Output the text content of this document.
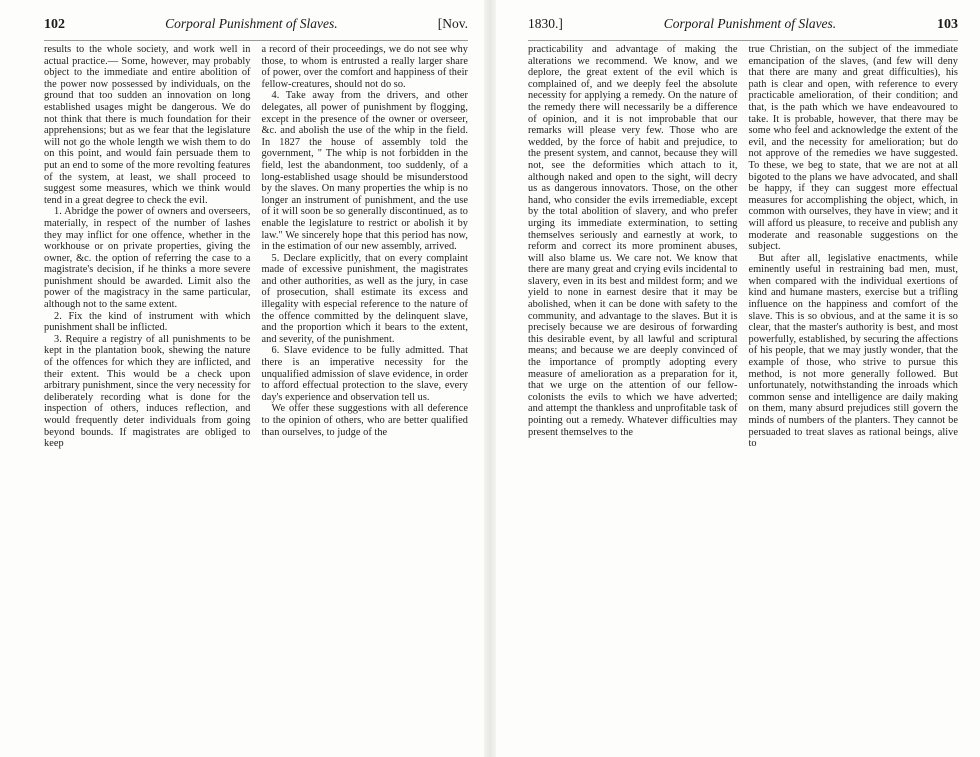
102	Corporal Punishment of Slaves.	[Nov.

results to the whole society, and work well in actual practice.— Some, however, may probably object to the immediate and entire abolition of the power now possessed by individuals, on the ground that too sudden an innovation on long established usages might be dangerous. We do not think that there is much foundation for their apprehensions; but as we fear that the legislature will not go the whole length we wish them to do on this point, and would fain persuade them to put an end to some of the more revolting features of the system, at least, we shall proceed to suggest some measures, which we think would tend in a great degree to check the evil.

1. Abridge the power of owners and overseers, materially, in respect of the number of lashes they may inflict for one offence, whether in the workhouse or on private properties, giving the owner, &c. the option of referring the case to a magistrate's decision, if he thinks a more severe punishment should be awarded. Limit also the power of the magistracy in the same particular, although not to the same extent.

2. Fix the kind of instrument with which punishment shall be inflicted.

3. Require a registry of all punishments to be kept in the plantation book, shewing the nature of the offences for which they are inflicted, and their extent. This would be a check upon arbitrary punishment, since the very necessity for deliberately recording what is done for the inspection of others, induces reflection, and would frequently deter individuals from going beyond bounds. If magistrates are obliged to keep

a record of their proceedings, we do not see why those, to whom is entrusted a really larger share of power, over the comfort and happiness of their fellow-creatures, should not do so.

4. Take away from the drivers, and other delegates, all power of punishment by flogging, except in the presence of the owner or overseer, &c. and abolish the use of the whip in the field. In 1827 the house of assembly told the government, " The whip is not forbidden in the field, lest the abandonment, too suddenly, of a long-established usage should be misunderstood by the slaves. On many properties the whip is no longer an instrument of punishment, and the use of it will soon be so generally discontinued, as to enable the legislature to restrict or abolish it by law." We sincerely hope that this period has now, in the estimation of our new assembly, arrived.

5. Declare explicitly, that on every complaint made of excessive punishment, the magistrates and other authorities, as well as the jury, in case of prosecution, shall estimate its excess and illegality with especial reference to the nature of the offence committed by the delinquent slave, and the proportion which it bears to the extent, and severity, of the punishment.

6. Slave evidence to be fully admitted. That there is an imperative necessity for the unqualified admission of slave evidence, in order to afford effectual protection to the slave, every day's experience and observation tell us.

We offer these suggestions with all deference to the opinion of others, who are better qualified than ourselves, to judge of the

1830.]	Corporal Punishment of Slaves.	103

practicability and advantage of making the alterations we recommend. We know, and we deplore, the great extent of the evil which is complained of, and we deeply feel the absolute necessity for applying a remedy. On the nature of the remedy there will necessarily be a difference of opinion, and it is not improbable that our remarks will please very few. Those who are wedded, by the force of habit and prejudice, to the present system, and cannot, because they will not, see the deformities which attach to it, although naked and open to the sight, will decry us as dangerous innovators. Those, on the other hand, who consider the evils irremediable, except by the total abolition of slavery, and who prefer urging its immediate extermination, to setting themselves seriously and earnestly at work, to reform and correct its more prominent abuses, will also blame us. We care not. We know that there are many great and crying evils incidental to slavery, even in its best and mildest form; and we yield to none in earnest desire that it may be abolished, when it can be done with safety to the community, and advantage to the slaves. But it is precisely because we are desirous of forwarding this desirable event, by all lawful and scriptural means; and because we are deeply convinced of the importance of promptly adopting every measure of amelioration as a preparation for it, that we urge on the attention of our fellow-colonists the evils to which we have adverted; and attempt the thankless and unprofitable task of pointing out a remedy. Whatever difficulties may present themselves to the

true Christian, on the subject of the immediate emancipation of the slaves, (and few will deny that there are many and great difficulties), his path is clear and open, with reference to every practicable amelioration, of their condition; and that, is the path which we have endeavoured to take. It is probable, however, that there may be some who feel and acknowledge the extent of the evil, and the necessity for amelioration; but do not approve of the remedies we have suggested. To these, we beg to state, that we are not at all bigoted to the plans we have advocated, and shall be happy, if they can suggest more effectual measures for accomplishing the object, which, in common with ourselves, they have in view; and it will afford us pleasure, to receive and publish any moderate and reasonable suggestions on the subject.

But after all, legislative enactments, while eminently useful in restraining bad men, must, when compared with the individual exertions of kind and humane masters, exercise but a trifling influence on the happiness and comfort of the slave. This is so obvious, and at the same it is so clear, that the master's authority is best, and most powerfully, established, by securing the affections of his people, that we may justly wonder, that the example of those, who strive to pursue this method, is not more generally followed. But unfortunately, notwithstanding the inroads which common sense and intelligence are daily making on them, many absurd prejudices still govern the minds of numbers of the planters. They cannot be persuaded to treat slaves as rational beings, alive to
